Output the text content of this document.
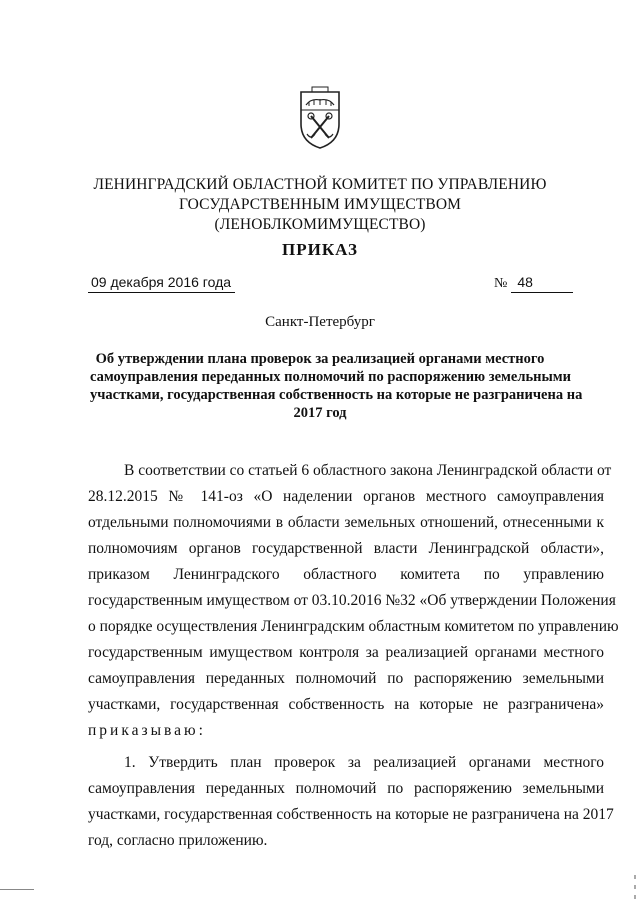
ЛЕНИНГРАДСКИЙ ОБЛАСТНОЙ КОМИТЕТ ПО УПРАВЛЕНИЮ
ГОСУДАРСТВЕННЫМ ИМУЩЕСТВОМ
(ЛЕНОБЛКОМИМУЩЕСТВО)
ПРИКАЗ
09 декабря 2016 года	№ 48
Санкт-Петербург
Об утверждении плана проверок за реализацией органами местного
самоуправления переданных полномочий по распоряжению земельными
участками, государственная собственность на которые не разграничена на
2017 год
В соответствии со статьей 6 областного закона Ленинградской области от
28.12.2015 № 141-оз «О наделении органов местного самоуправления
отдельными полномочиями в области земельных отношений, отнесенными к
полномочиям органов государственной власти Ленинградской области»,
приказом Ленинградского областного комитета по управлению
государственным имуществом от 03.10.2016 №32 «Об утверждении Положения
о порядке осуществления Ленинградским областным комитетом по управлению
государственным имуществом контроля за реализацией органами местного
самоуправления переданных полномочий по распоряжению земельными
участками, государственная собственность на которые не разграничена»
приказываю:
1. Утвердить план проверок за реализацией органами местного
самоуправления переданных полномочий по распоряжению земельными
участками, государственная собственность на которые не разграничена на 2017
год, согласно приложению.
